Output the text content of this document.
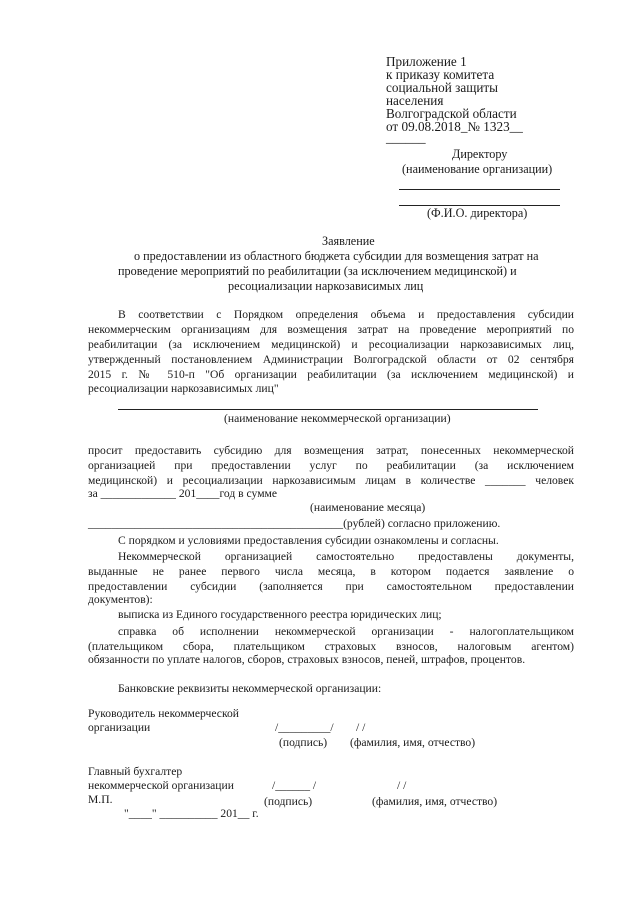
Приложение 1
к приказу комитета
социальной защиты
населения
Волгоградской области
от 09.08.2018_№ 1323__
______
Директору
(наименование организации)
(Ф.И.О. директора)
Заявление
о предоставлении из областного бюджета субсидии для возмещения затрат на
проведение мероприятий по реабилитации (за исключением медицинской) и
ресоциализации наркозависимых лиц
В соответствии с Порядком определения объема и предоставления субсидии
некоммерческим организациям для возмещения затрат на проведение мероприятий по
реабилитации (за исключением медицинской) и ресоциализации наркозависимых лиц,
утвержденный постановлением Администрации Волгоградской области от 02 сентября
2015 г. № 510-п "Об организации реабилитации (за исключением медицинской) и
ресоциализации наркозависимых лиц"
(наименование некоммерческой организации)
просит предоставить субсидию для возмещения затрат, понесенных некоммерческой
организацией при предоставлении услуг по реабилитации (за исключением
медицинской) и ресоциализации наркозависимым лицам в количестве _______ человек
за _____________ 201____год в сумме
(наименование месяца)
____________________________________________(рублей) согласно приложению.
С порядком и условиями предоставления субсидии ознакомлены и согласны.
Некоммерческой организацией самостоятельно предоставлены документы,
выданные не ранее первого числа месяца, в котором подается заявление о
предоставлении субсидии (заполняется при самостоятельном предоставлении
документов):
выписка из Единого государственного реестра юридических лиц;
справка об исполнении некоммерческой организации - налогоплательщиком
(плательщиком сбора, плательщиком страховых взносов, налоговым агентом)
обязанности по уплате налогов, сборов, страховых взносов, пеней, штрафов, процентов.
Банковские реквизиты некоммерческой организации:
Руководитель некоммерческой
организации	/_________/ / /
(подпись) (фамилия, имя, отчество)
Главный бухгалтер
некоммерческой организации	/______ /	/ /
М.П.	(подпись)	(фамилия, имя, отчество)
"____" __________ 201__ г.
